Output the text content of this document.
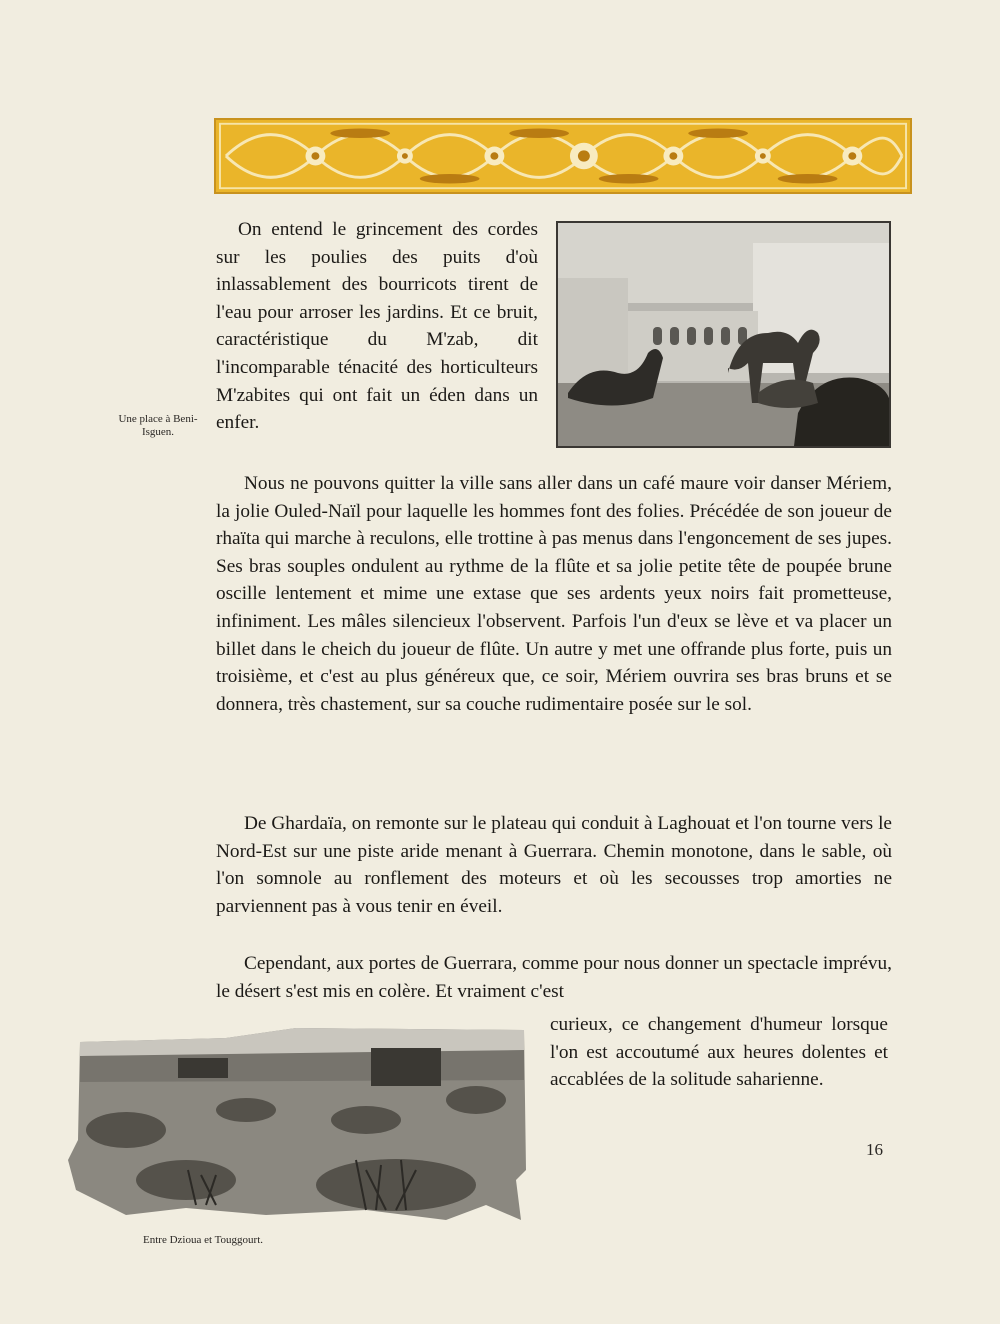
Une place à Beni-Isguen.

On entend le grincement des cordes sur les poulies des puits d'où inlassablement des bourricots tirent de l'eau pour arroser les jardins. Et ce bruit, caractéristique du M'zab, dit l'incomparable ténacité des horticulteurs M'zabites qui ont fait un éden dans un enfer.

Nous ne pouvons quitter la ville sans aller dans un café maure voir danser Mériem, la jolie Ouled-Naïl pour laquelle les hommes font des folies. Précédée de son joueur de rhaïta qui marche à reculons, elle trottine à pas menus dans l'engoncement de ses jupes. Ses bras souples ondulent au rythme de la flûte et sa jolie petite tête de poupée brune oscille lentement et mime une extase que ses ardents yeux noirs fait prometteuse, infiniment. Les mâles silencieux l'observent. Parfois l'un d'eux se lève et va placer un billet dans le cheich du joueur de flûte. Un autre y met une offrande plus forte, puis un troisième, et c'est au plus généreux que, ce soir, Mériem ouvrira ses bras bruns et se donnera, très chastement, sur sa couche rudimentaire posée sur le sol.

De Ghardaïa, on remonte sur le plateau qui conduit à Laghouat et l'on tourne vers le Nord-Est sur une piste aride menant à Guerrara. Chemin monotone, dans le sable, où l'on somnole au ronflement des moteurs et où les secousses trop amorties ne parviennent pas à vous tenir en éveil.

Cependant, aux portes de Guerrara, comme pour nous donner un spectacle imprévu, le désert s'est mis en colère. Et vraiment c'est

curieux, ce changement d'humeur lorsque l'on est accoutumé aux heures dolentes et accablées de la solitude saharienne.

Entre Dzioua et Touggourt.
16
